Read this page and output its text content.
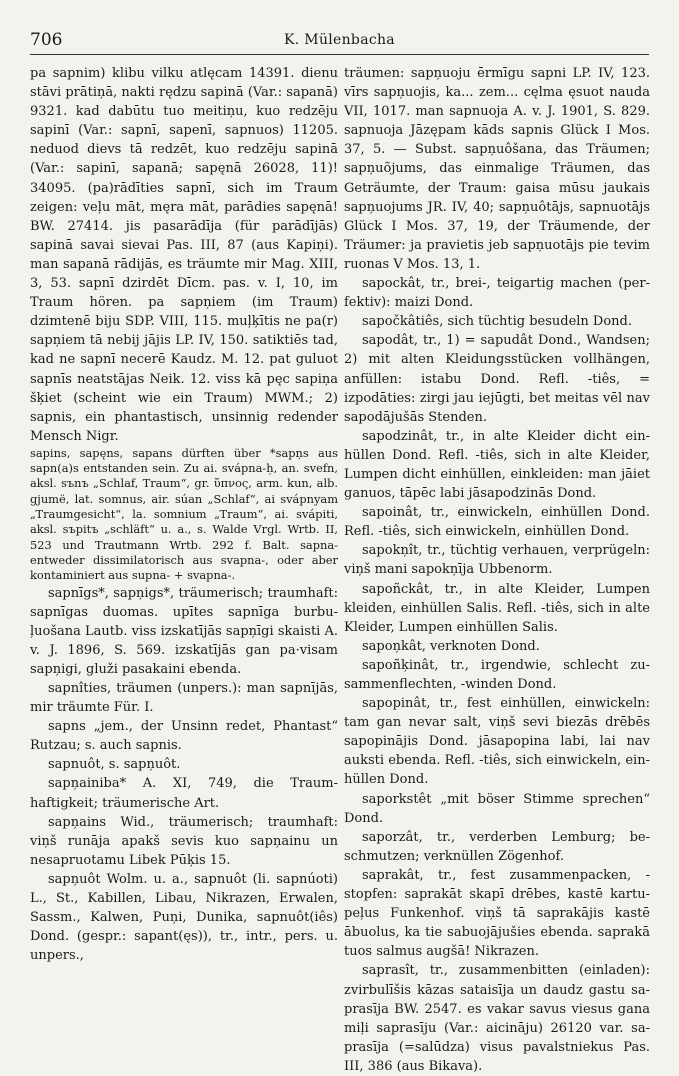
706	K. Mülenbacha

pa sapnim) klibu vilku atlęcam 14391. dienu stāvi prātiņā, nakti rędzu sapinā (Var.: sapanā) 9321. kad dabūtu tuo meitiņu, kuo redzēju sapinī (Var.: sapnī, sapenī, sapnuos) 11205. neduod dievs tā redzēt, kuo redzēju sapinā (Var.: sapinī, sapanā; sapęnā 26028, 11)! 34095. (pa)rādīties sapnī, sich im Traum zeigen: veļu māt, męra māt, parādies sapęnā! BW. 27414. jis pasarādīja (für parādījās) sapinā savai sievai Pas. III, 87 (aus Kapiņi). man sapanā rādijās, es träumte mir Mag. XIII, 3, 53. sapnī dzirdēt Dīcm. pas. v. I, 10, im Traum hören. pa sapņiem (im Traum) dzimtenē biju SDP. VIII, 115. muļķītis ne pa(r) sapņiem tā nebij jājis LP. IV, 150. satiktiēs tad, kad ne sapnī necerē Kaudz. M. 12. pat guluot sapnīs neatstājas Neik. 12. viss kā pęc sapiņa šķiet (scheint wie ein Traum) MWM.; 2) sapnis, ein phantastisch, unsinnig redender Mensch Nigr.

sapins, sapęns, sapans dürften über *sapņs aus sapn(a)s entstanden sein. Zu ai. svápna-ḥ, an. svefn, aksl. sъnъ „Schlaf, Traum“, gr. ὕπνος, arm. kun, alb. gjumë, lat. somnus, air. súan „Schlaf“, ai svápnyam „Traumgesicht“, la. somnium „Traum“, ai. svápiti, aksl. sъpitъ „schläft“ u. a., s. Walde Vrgl. Wrtb. II, 523 und Trautmann Wrtb. 292 f. Balt. sapna- entweder dissimilatorisch aus svapna-, oder aber kontaminiert aus supna- + svapna-.

sapnīgs*, sapņigs*, träumerisch; traumhaft: sapnīgas duomas. upītes sapnīga burbuļuošana Lautb. viss izskatījās sapņīgi skaisti A. v. J. 1896, S. 569. izskatījās gan pa·visam sapņigi, gluži pasakaini ebenda.

sapnîties, träumen (unpers.): man sapnījās, mir träumte Für. I.

sapns „jem., der Unsinn redet, Phantast“ Rutzau; s. auch sapnis.

sapnuôt, s. sapņuôt.

sapņainiba* A. XI, 749, die Traumhaftigkeit; träumerische Art.

sapņains Wid., träumerisch; traumhaft: viņš runāja apakš sevis kuo sapņainu un nesapruotamu Libek Pūķis 15.

sapņuôt Wolm. u. a., sapnuôt (li. sapnúoti) L., St., Kabillen, Libau, Nikrazen, Erwalen, Sassm., Kalwen, Puņi, Dunika, sapnuôt(iês) Dond. (gespr.: sapant(ęs)), tr., intr., pers. u. unpers.,

träumen: sapņuoju ērmīgu sapni LP. IV, 123. vīrs sapņuojis, ka... zem... cęlma ęsuot nauda VII, 1017. man sapnuoja A. v. J. 1901, S. 829. sapnuoja Jāzępam kāds sapnis Glück I Mos. 37, 5. — Subst. sapņuôšana, das Träumen; sapņuõjums, das einmalige Träumen, das Geträumte, der Traum: gaisa mūsu jaukais sapņuojums JR. IV, 40; sapņuôtājs, sapnuotājs Glück I Mos. 37, 19, der Träumende, der Träumer: ja pravietis jeb sapņuotājs pie tevim ruonas V Mos. 13, 1.

sapockât, tr., brei-, teigartig machen (perfektiv): maizi Dond.

sapočkâtiês, sich tüchtig besudeln Dond.

sapodât, tr., 1) = sapudât Dond., Wandsen; 2) mit alten Kleidungsstücken vollhängen, anfüllen: istabu Dond. Refl. -tiês, = izpodāties: zirgi jau iejūgti, bet meitas vēl nav sapodājušās Stenden.

sapodzinât, tr., in alte Kleider dicht einhüllen Dond. Refl. -tiês, sich in alte Kleider, Lumpen dicht einhüllen, einkleiden: man jāiet ganuos, tāpēc labi jāsapodzinās Dond.

sapoinât, tr., einwickeln, einhüllen Dond. Refl. -tiês, sich einwickeln, einhüllen Dond.

sapokņît, tr., tüchtig verhauen, verprügeln: viņš mani sapokņīja Ubbenorm.

sapoñckât, tr., in alte Kleider, Lumpen kleiden, einhüllen Salis. Refl. -tiês, sich in alte Kleider, Lumpen einhüllen Salis.

sapoņkât, verknoten Dond.

sapoñķinât, tr., irgendwie, schlecht zusammenflechten, -winden Dond.

sapopinât, tr., fest einhüllen, einwickeln: tam gan nevar salt, viņš sevi biezās drēbēs sapopinājis Dond. jāsapopina labi, lai nav auksti ebenda. Refl. -tiês, sich einwickeln, einhüllen Dond.

saporkstêt „mit böser Stimme sprechen“ Dond.

saporzât, tr., verderben Lemburg; beschmutzen; verknüllen Zögenhof.

saprakât, tr., fest zusammenpacken, -stopfen: saprakāt skapī drēbes, kastē kartupeļus Funkenhof. viņš tā saprakājis kastē ābuolus, ka tie sabuojājušies ebenda. saprakā tuos salmus augšā! Nikrazen.

saprasît, tr., zusammenbitten (einladen): zvirbulīšis kāzas sataisīja un daudz gastu saprasīja BW. 2547. es vakar savus viesus gana miļi saprasīju (Var.: aicināju) 26120 var. saprasīja (=salūdza) visus pavalstniekus Pas. III, 386 (aus Bikava).
